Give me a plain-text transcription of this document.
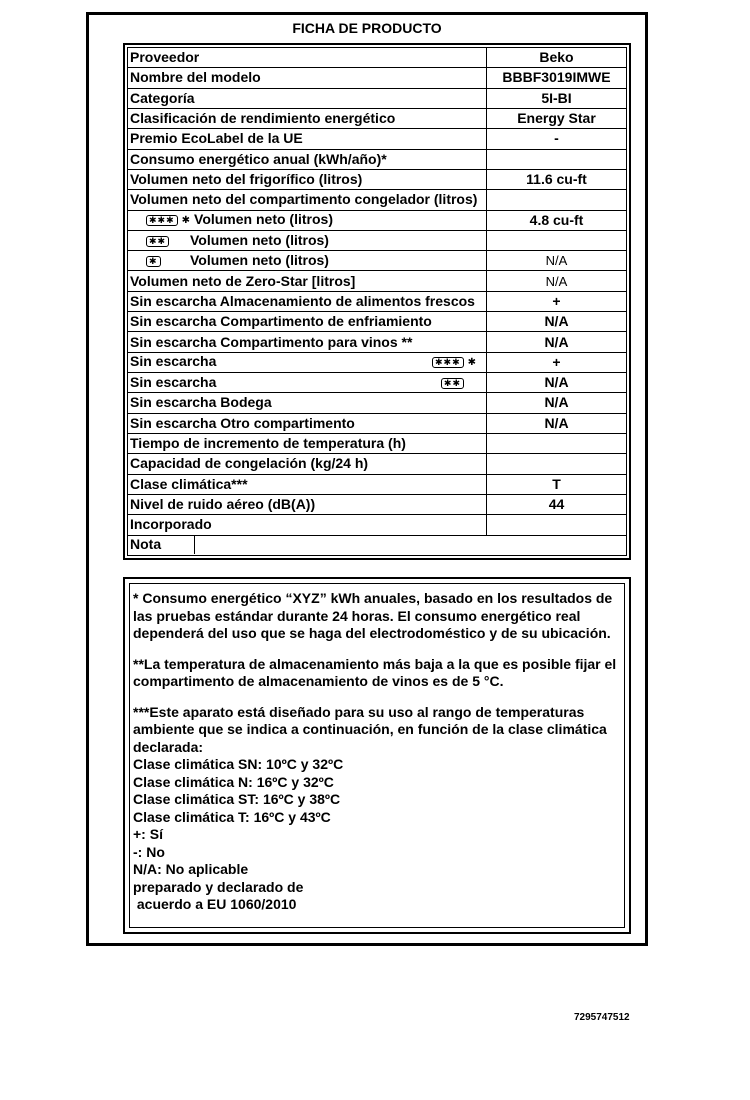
FICHA DE PRODUCTO
Proveedor	Beko
Nombre del modelo	BBBF3019IMWE
Categoría	5I-BI
Clasificación de rendimiento energético	Energy Star
Premio EcoLabel de la UE	-
Consumo energético anual (kWh/año)*	
Volumen neto del frigorífico (litros)	11.6 cu-ft
Volumen neto del compartimento congelador (litros)	
✱✱✱ ✱ Volumen neto (litros)	4.8 cu-ft
✱✱ Volumen neto (litros)	
✱ Volumen neto (litros)	N/A
Volumen neto de Zero-Star [litros]	N/A
Sin escarcha Almacenamiento de alimentos frescos	+
Sin escarcha Compartimento de enfriamiento	N/A
Sin escarcha Compartimento para vinos **	N/A
Sin escarcha ✱✱✱ ✱	+
Sin escarcha ✱✱	N/A
Sin escarcha Bodega	N/A
Sin escarcha Otro compartimento	N/A
Tiempo de incremento de temperatura (h)	
Capacidad de congelación (kg/24 h)	
Clase climática***	T
Nivel de ruido aéreo (dB(A))	44
Incorporado	

Nota	

* Consumo energético “XYZ” kWh anuales, basado en los resultados de las pruebas estándar durante 24 horas. El consumo energético real dependerá del uso que se haga del electrodoméstico y de su ubicación.

**La temperatura de almacenamiento más baja a la que es posible fijar el compartimento de almacenamiento de vinos es de 5 °C.

***Este aparato está diseñado para su uso al rango de temperaturas ambiente que se indica a continuación, en función de la clase climática declarada:

Clase climática SN: 10ºC y 32ºC

Clase climática N: 16ºC y 32ºC

Clase climática ST: 16ºC y 38ºC

Clase climática T: 16ºC y 43ºC

+: Sí

-: No

N/A: No aplicable

preparado y declarado de

acuerdo a EU 1060/2010

7295747512
